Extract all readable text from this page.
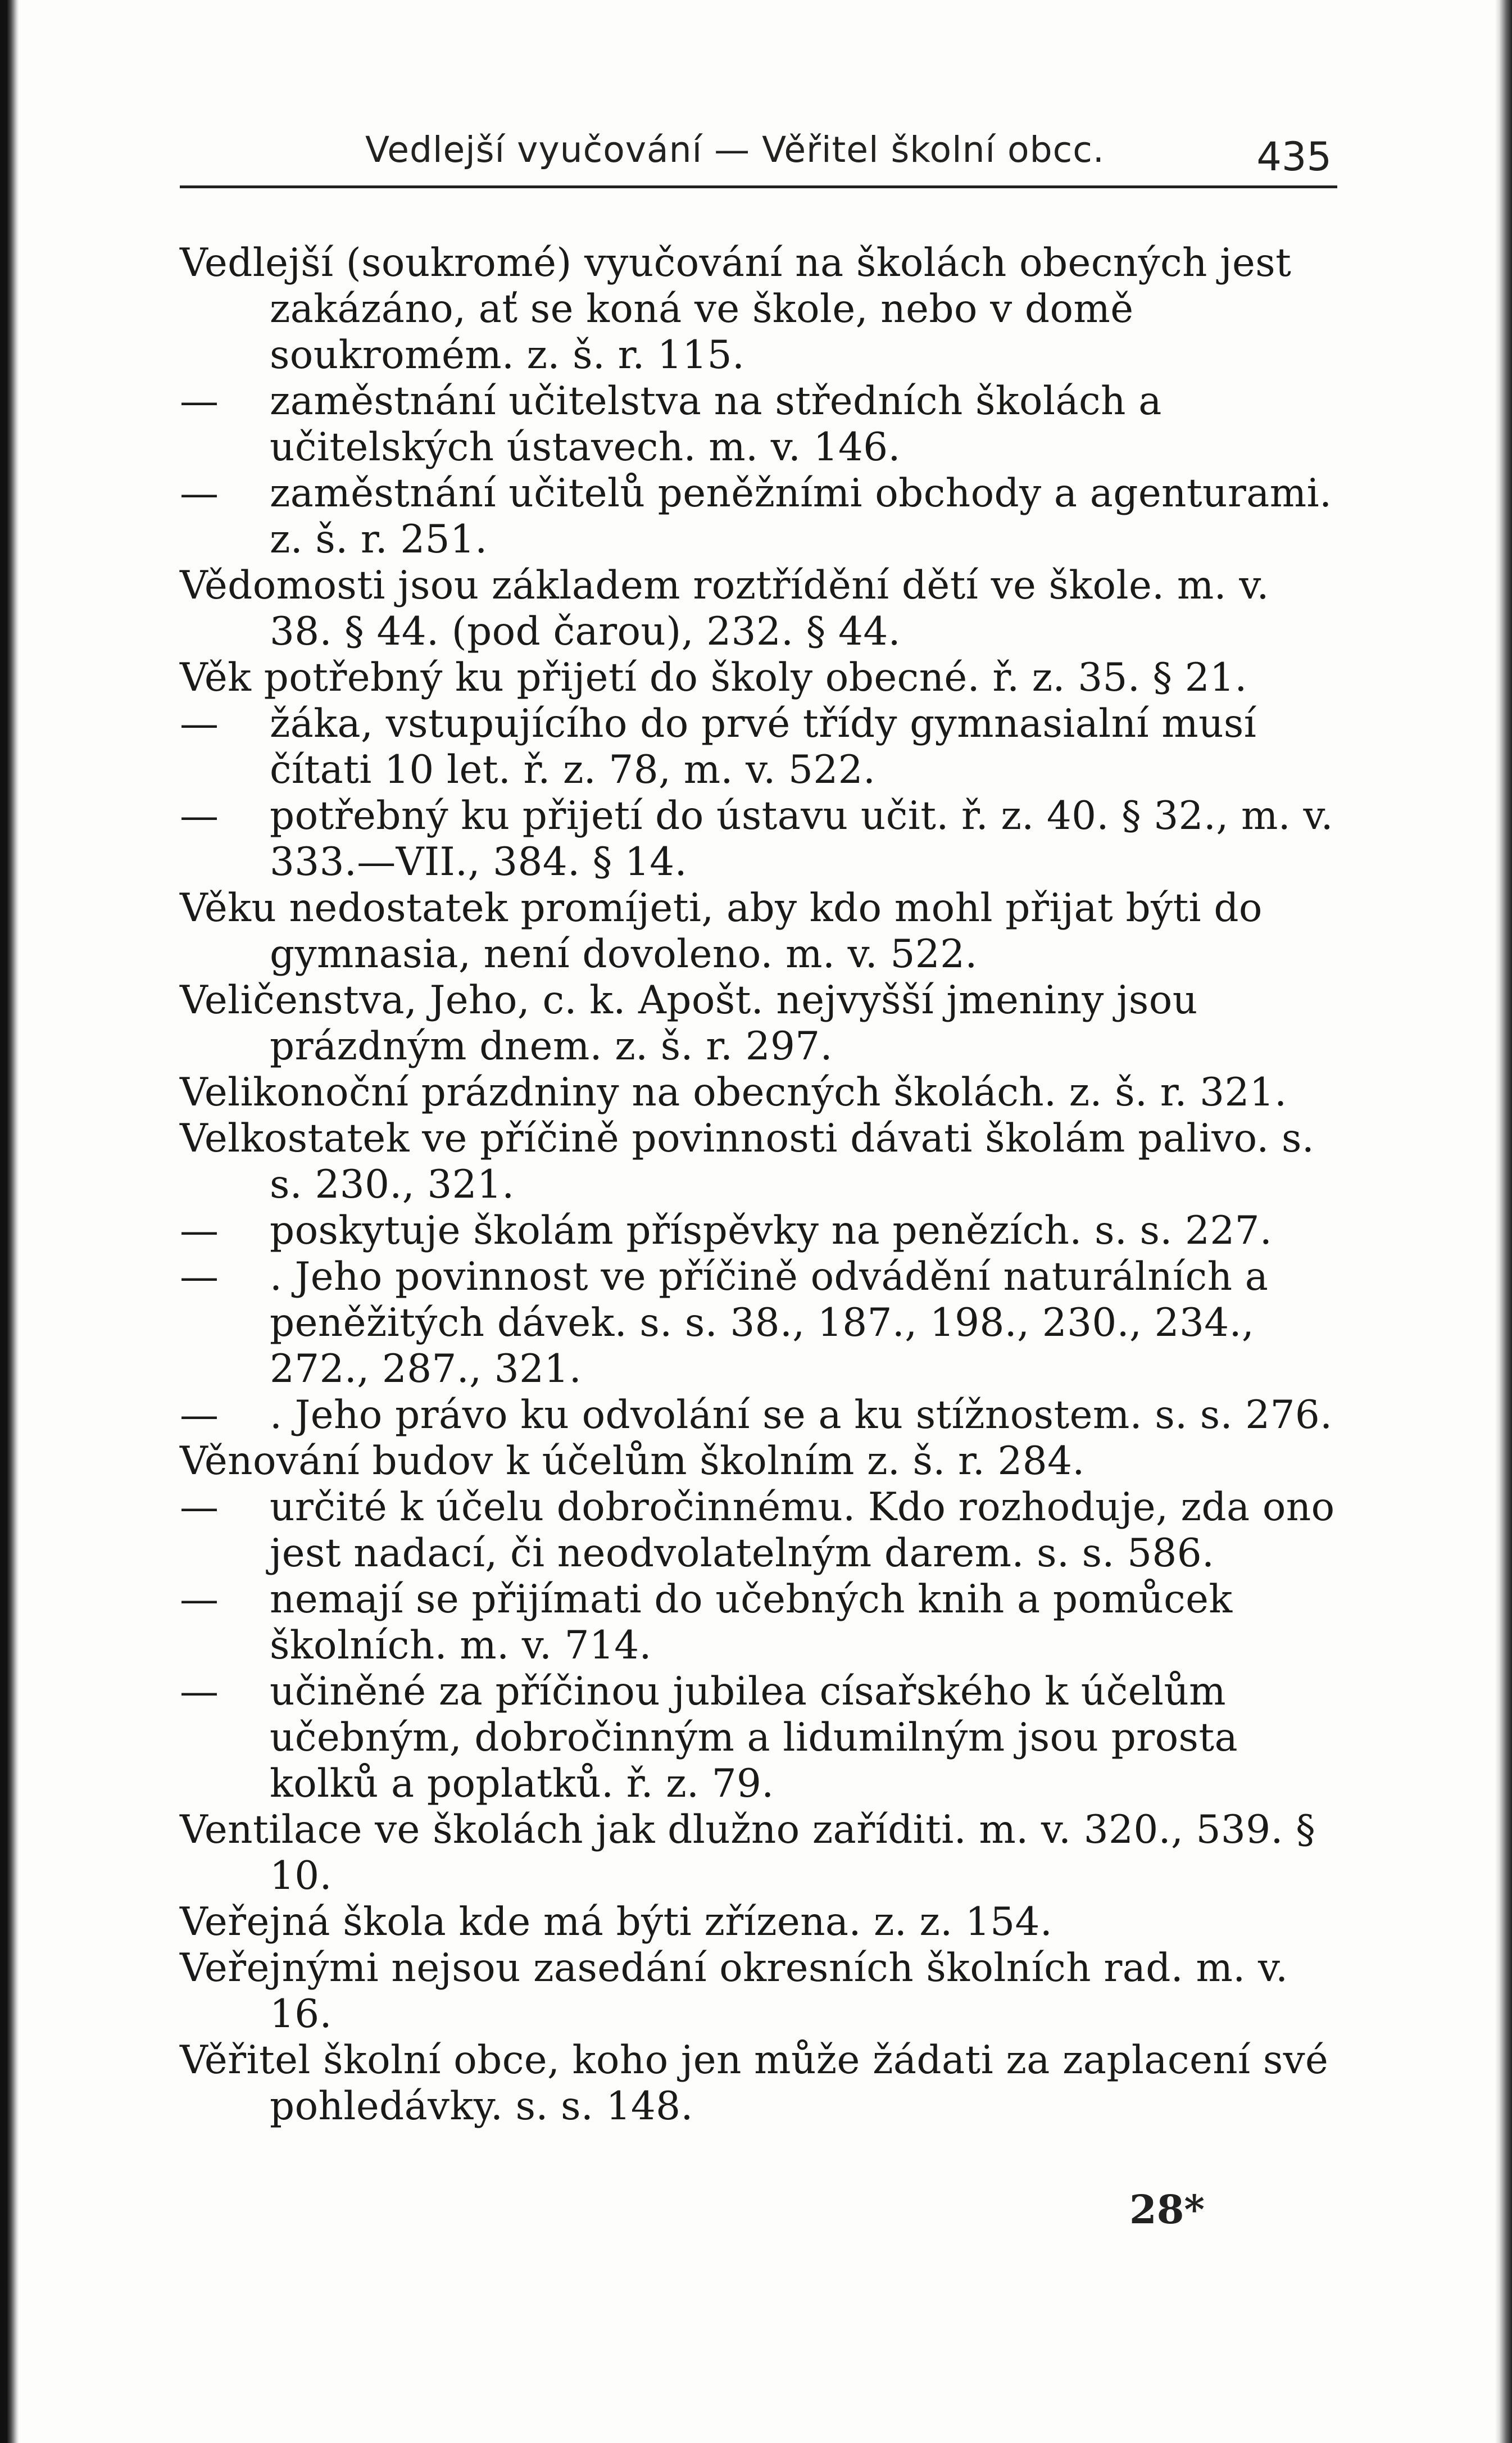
Vedlejší vyučování — Věřitel školní obcc.	435

Vedlejší (soukromé) vyučování na školách obecných jest zakázáno, ať se koná ve škole, nebo v domě soukromém. z. š. r. 115.

— zaměstnání učitelstva na středních školách a učitelských ústavech. m. v. 146.

— zaměstnání učitelů peněžními obchody a agenturami. z. š. r. 251.

Vědomosti jsou základem roztřídění dětí ve škole. m. v. 38. § 44. (pod čarou), 232. § 44.

Věk potřebný ku přijetí do školy obecné. ř. z. 35. § 21.

— žáka, vstupujícího do prvé třídy gymnasialní musí čítati 10 let. ř. z. 78, m. v. 522.

— potřebný ku přijetí do ústavu učit. ř. z. 40. § 32., m. v. 333.—VII., 384. § 14.

Věku nedostatek promíjeti, aby kdo mohl přijat býti do gymnasia, není dovoleno. m. v. 522.

Veličenstva, Jeho, c. k. Apošt. nejvyšší jmeniny jsou prázdným dnem. z. š. r. 297.

Velikonoční prázdniny na obecných školách. z. š. r. 321.

Velkostatek ve příčině povinnosti dávati školám palivo. s. s. 230., 321.

— poskytuje školám příspěvky na penězích. s. s. 227.

— . Jeho povinnost ve příčině odvádění naturálních a peněžitých dávek. s. s. 38., 187., 198., 230., 234., 272., 287., 321.

— . Jeho právo ku odvolání se a ku stížnostem. s. s. 276.

Věnování budov k účelům školním z. š. r. 284.

— určité k účelu dobročinnému. Kdo rozhoduje, zda ono jest nadací, či neodvolatelným darem. s. s. 586.

— nemají se přijímati do učebných knih a pomůcek školních. m. v. 714.

— učiněné za příčinou jubilea císařského k účelům učebným, dobročinným a lidumilným jsou prosta kolků a poplatků. ř. z. 79.

Ventilace ve školách jak dlužno zaříditi. m. v. 320., 539. § 10.

Veřejná škola kde má býti zřízena. z. z. 154.

Veřejnými nejsou zasedání okresních školních rad. m. v. 16.

Věřitel školní obce, koho jen může žádati za zaplacení své pohledávky. s. s. 148.

28*
